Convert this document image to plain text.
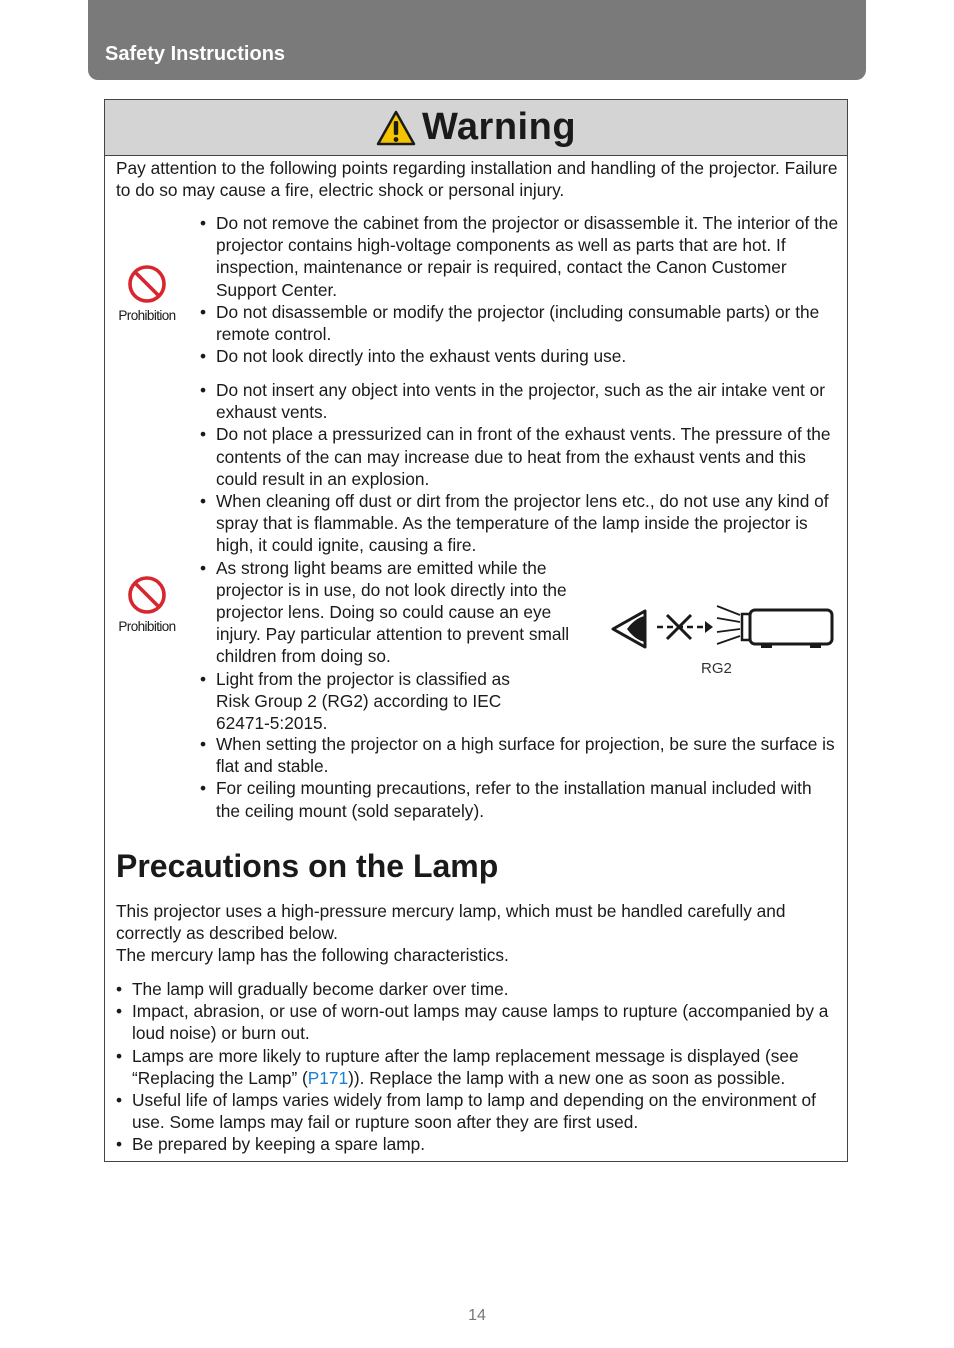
Safety Instructions
Warning
Pay attention to the following points regarding installation and handling of the projector. Failure to do so may cause a fire, electric shock or personal injury.
Prohibition
• Do not remove the cabinet from the projector or disassemble it. The interior of the projector contains high-voltage components as well as parts that are hot. If inspection, maintenance or repair is required, contact the Canon Customer Support Center.
• Do not disassemble or modify the projector (including consumable parts) or the remote control.
• Do not look directly into the exhaust vents during use.
Prohibition
• Do not insert any object into vents in the projector, such as the air intake vent or exhaust vents.
• Do not place a pressurized can in front of the exhaust vents. The pressure of the contents of the can may increase due to heat from the exhaust vents and this could result in an explosion.
• When cleaning off dust or dirt from the projector lens etc., do not use any kind of spray that is flammable. As the temperature of the lamp inside the projector is high, it could ignite, causing a fire.
• As strong light beams are emitted while the projector is in use, do not look directly into the projector lens. Doing so could cause an eye injury. Pay particular attention to prevent small children from doing so.
• Light from the projector is classified as Risk Group 2 (RG2) according to IEC 62471-5:2015.
RG2
• When setting the projector on a high surface for projection, be sure the surface is flat and stable.
• For ceiling mounting precautions, refer to the installation manual included with the ceiling mount (sold separately).
Precautions on the Lamp
This projector uses a high-pressure mercury lamp, which must be handled carefully and correctly as described below.
The mercury lamp has the following characteristics.
• The lamp will gradually become darker over time.
• Impact, abrasion, or use of worn-out lamps may cause lamps to rupture (accompanied by a loud noise) or burn out.
• Lamps are more likely to rupture after the lamp replacement message is displayed (see “Replacing the Lamp” (P171)). Replace the lamp with a new one as soon as possible.
• Useful life of lamps varies widely from lamp to lamp and depending on the environment of use. Some lamps may fail or rupture soon after they are first used.
• Be prepared by keeping a spare lamp.
14
